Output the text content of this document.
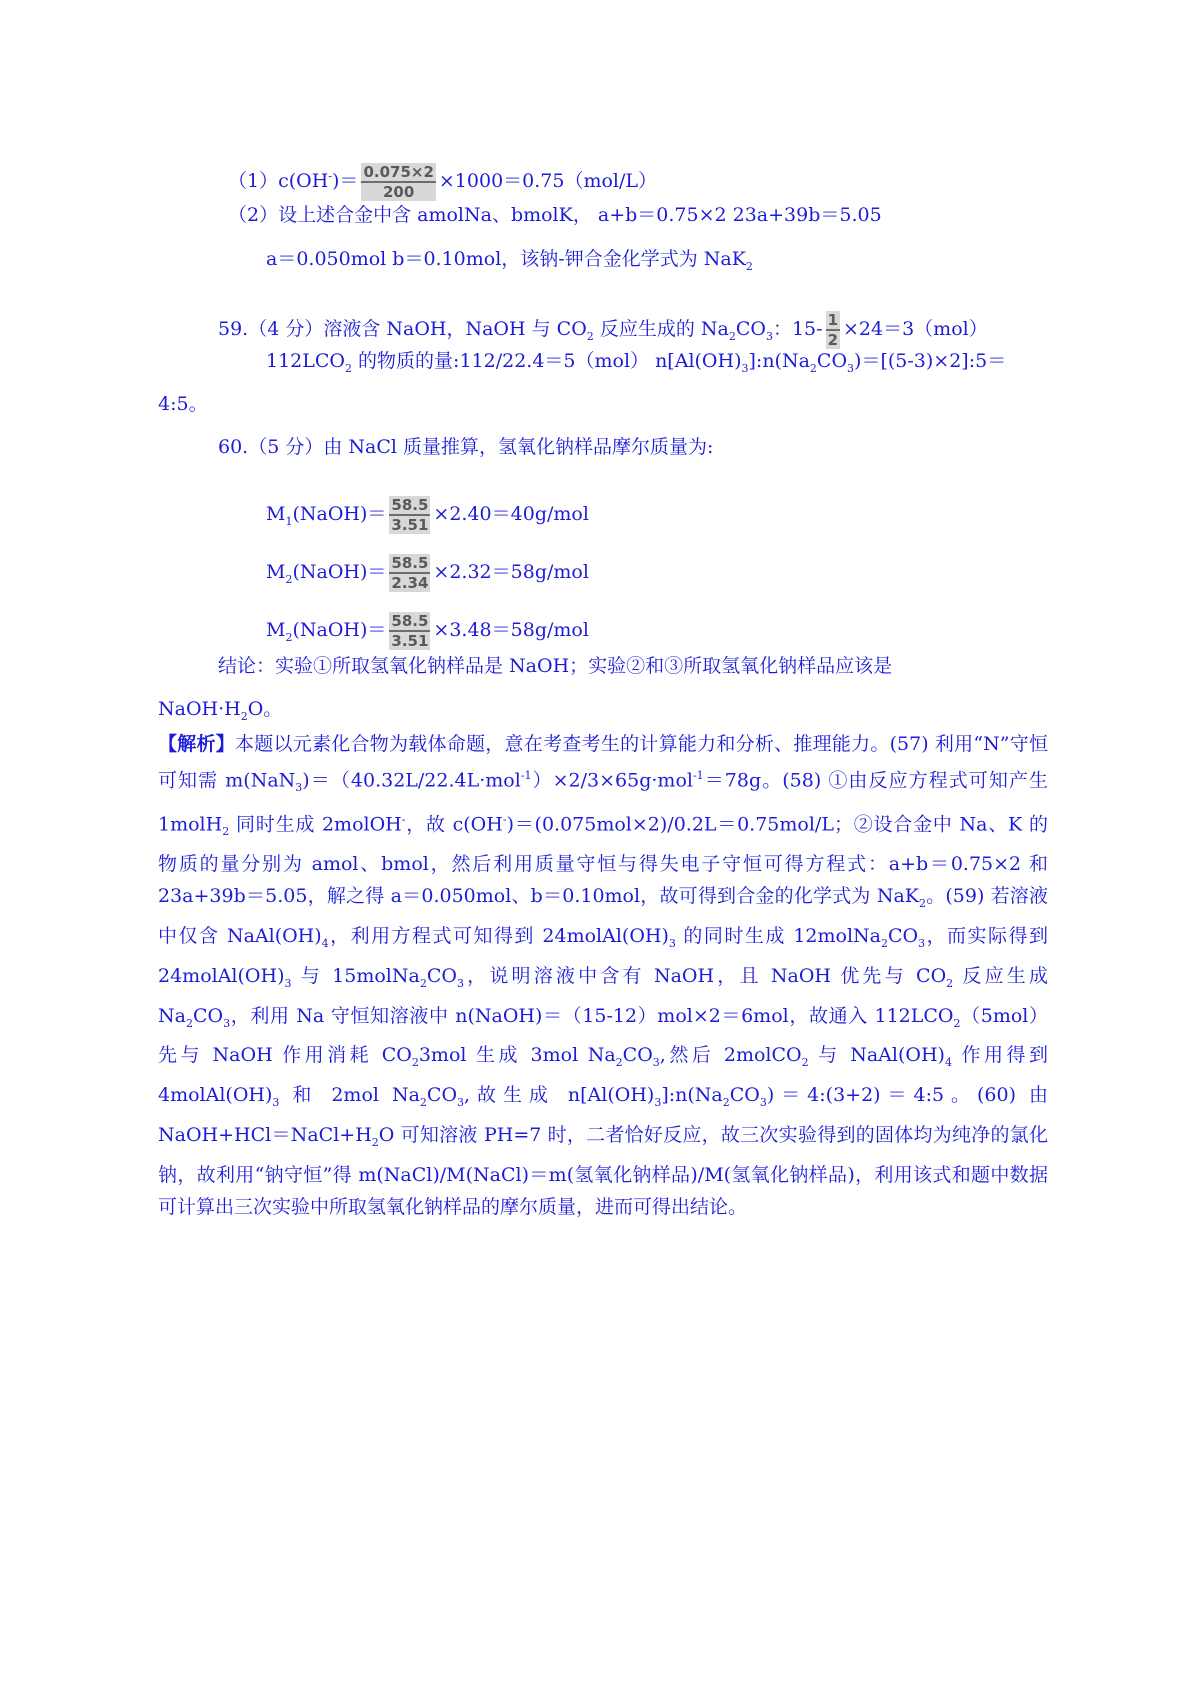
$(1)c(OH^-)= \frac{0.075\times 2}{200} \times 1000=0.75(mol/L)$
（2）设上述合金中含 amolNa、bmolK， a+b＝0.75×2 23a+39b＝5.05
a＝0.050mol b＝0.10mol，该钠-钾合金化学式为 NaK$_2$
59.（4 分）溶液含 NaOH，NaOH 与 $CO_2$ 反应生成的 $Na_2CO_3$：$15- \frac{1}{2} \times 24=3(mol)$
$112LCO_2$ 的物质的量:112/22.4＝5（mol） $n[Al(OH)_3]:n(Na_2CO_3)=[(5-3)\times 2]:5=$
4:5。
60.（5 分）由 NaCl 质量推算，氢氧化钠样品摩尔质量为:
$M_1(NaOH)= \frac{58.5}{3.51} \times 2.40=40g/mol$
$M_2(NaOH)= \frac{58.5}{2.34} \times 2.32=58g/mol$
$M_2(NaOH)= \frac{58.5}{3.51} \times 3.48=58g/mol$
结论：实验①所取氢氧化钠样品是 NaOH；实验②和③所取氢氧化钠样品应该是
$NaOH\cdot H_2O$。
【解析】本题以元素化合物为载体命题，意在考查考生的计算能力和分析、推理能力。(57) 利用“N”守恒可知需 m(NaN$_3$)＝（40.32L/22.4L·mol$^{-1}$）×2/3×65g·mol$^{-1}$＝78g。(58) ①由反应方程式可知产生 1molH$_2$ 同时生成 2molOH-，故 c(OH-)＝(0.075mol×2)/0.2L＝0.75mol/L；②设合金中 Na、K 的物质的量分别为 amol、bmol，然后利用质量守恒与得失电子守恒可得方程式：a+b＝0.75×2 和 23a+39b＝5.05，解之得 a＝0.050mol、b＝0.10mol，故可得到合金的化学式为 NaK$_2$。(59) 若溶液中仅含 $NaAl(OH)_4$，利用方程式可知得到 $24molAl(OH)_3$ 的同时生成 $12molNa_2CO_3$，而实际得到 $24molAl(OH)_3$ 与 $15molNa_2CO_3$，说明溶液中含有 NaOH，且 NaOH 优先与 $CO_2$ 反应生成 $Na_2CO_3$，利用 Na 守恒知溶液中 n(NaOH)＝（15-12）mol×2＝6mol，故通入 $112LCO_2(5mol)$先与 NaOH 作用消耗 $CO_23mol$ 生成 3mol $Na_2CO_3$,然后 2molCO$_2$ 与 $NaAl(OH)_4$ 作用得到 $4molAl(OH)_3$ 和 2mol $Na_2CO_3$,故生成 $n[Al(OH)_3]:n(Na_2CO_3)=4:(3+2)=4:5$。(60) 由 $NaOH+HCl=NaCl+H_2O$ 可知溶液 PH=7 时，二者恰好反应，故三次实验得到的固体均为纯净的氯化钠，故利用“钠守恒”得 m(NaCl)/M(NaCl)＝m(氢氧化钠样品)/M(氢氧化钠样品)，利用该式和题中数据可计算出三次实验中所取氢氧化钠样品的摩尔质量，进而可得出结论。
